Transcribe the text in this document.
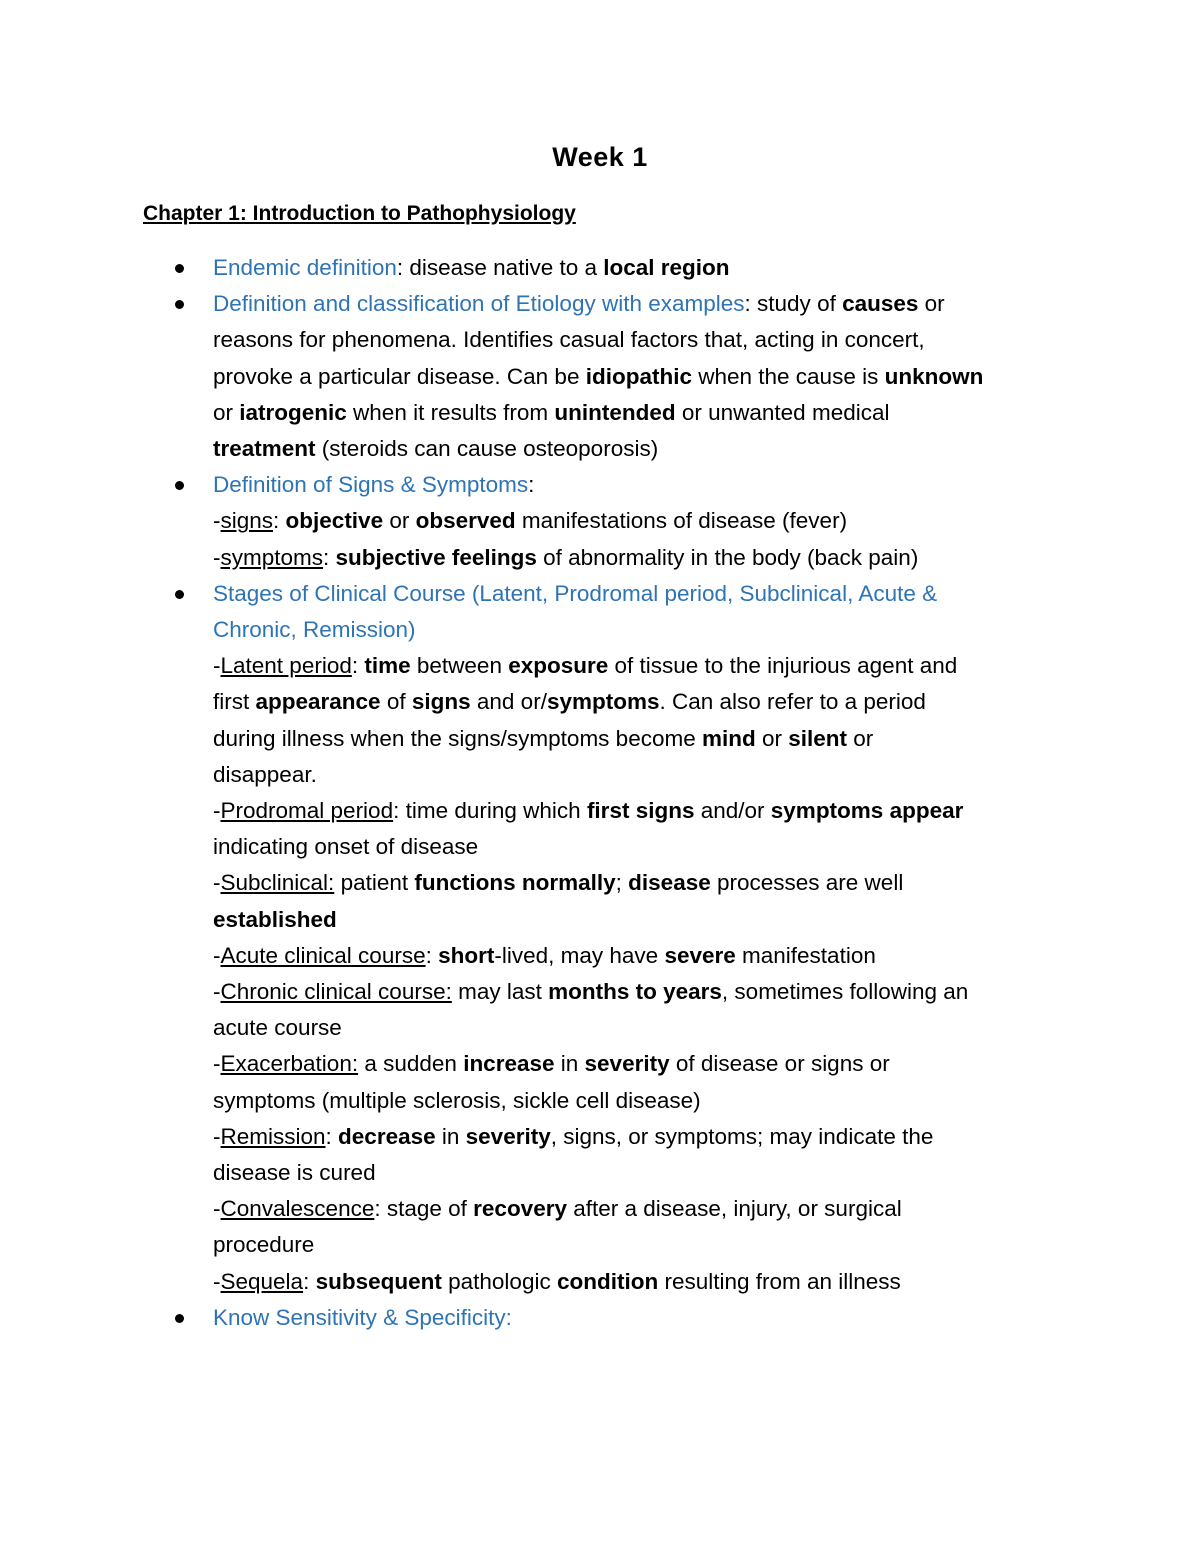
Week 1
Chapter 1: Introduction to Pathophysiology
Endemic definition: disease native to a local region
Definition and classification of Etiology with examples: study of causes or
reasons for phenomena. Identifies casual factors that, acting in concert,
provoke a particular disease. Can be idiopathic when the cause is unknown
or iatrogenic when it results from unintended or unwanted medical
treatment (steroids can cause osteoporosis)
Definition of Signs & Symptoms:
-signs: objective or observed manifestations of disease (fever)
-symptoms: subjective feelings of abnormality in the body (back pain)
Stages of Clinical Course (Latent, Prodromal period, Subclinical, Acute &
Chronic, Remission)
-Latent period: time between exposure of tissue to the injurious agent and
first appearance of signs and or/symptoms. Can also refer to a period
during illness when the signs/symptoms become mind or silent or
disappear.
-Prodromal period: time during which first signs and/or symptoms appear
indicating onset of disease
-Subclinical: patient functions normally; disease processes are well
established
-Acute clinical course: short-lived, may have severe manifestation
-Chronic clinical course: may last months to years, sometimes following an
acute course
-Exacerbation: a sudden increase in severity of disease or signs or
symptoms (multiple sclerosis, sickle cell disease)
-Remission: decrease in severity, signs, or symptoms; may indicate the
disease is cured
-Convalescence: stage of recovery after a disease, injury, or surgical
procedure
-Sequela: subsequent pathologic condition resulting from an illness
Know Sensitivity & Specificity:
